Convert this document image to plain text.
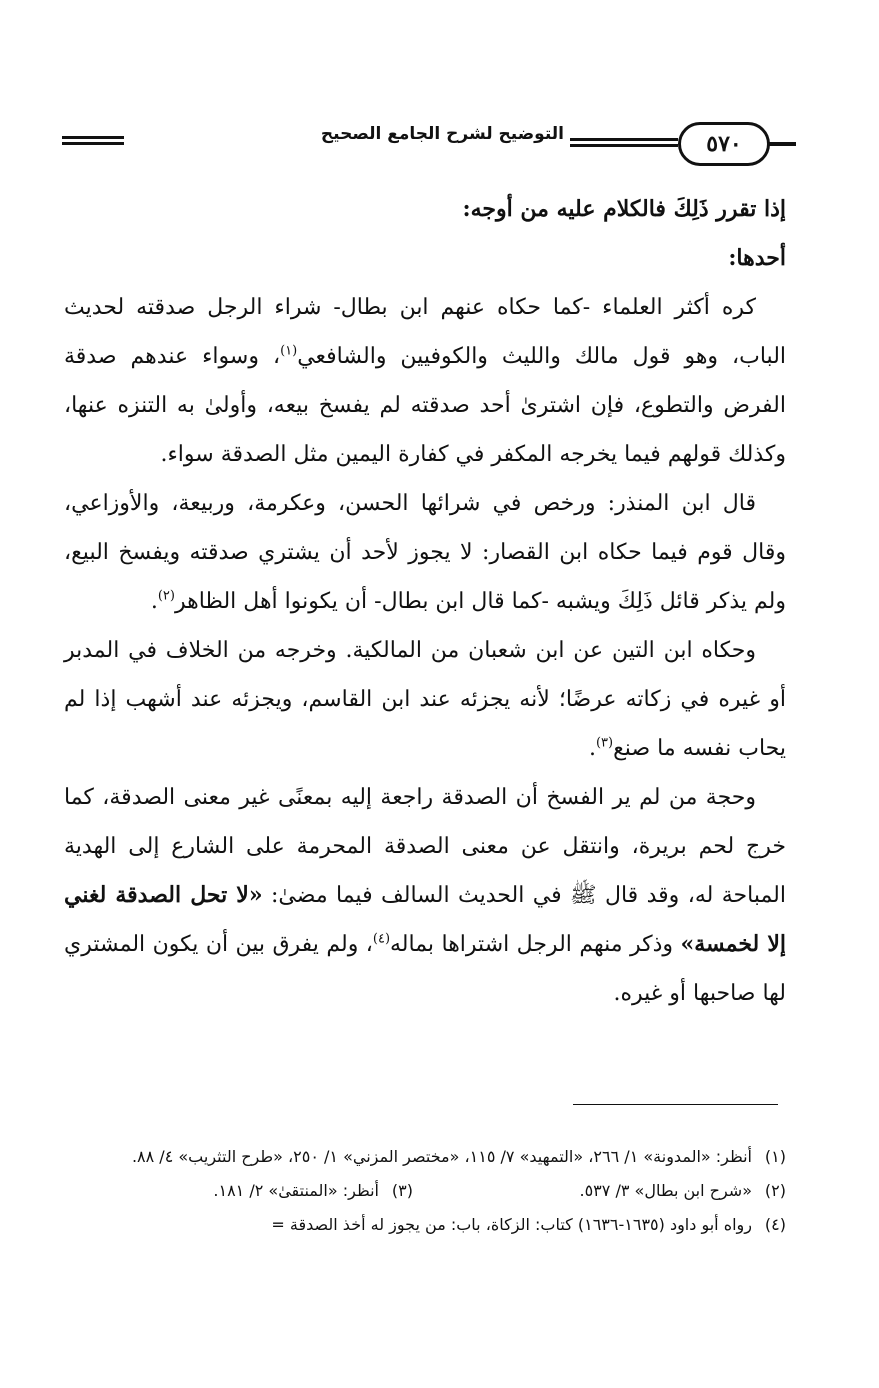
٥٧٠
التوضيح لشرح الجامع الصحيح

إذا تقرر ذَلِكَ فالكلام عليه من أوجه:

أحدها:

كره أكثر العلماء -كما حكاه عنهم ابن بطال- شراء الرجل صدقته لحديث الباب، وهو قول مالك والليث والكوفيين والشافعي$^{(١)}$، وسواء عندهم صدقة الفرض والتطوع، فإن اشترىٰ أحد صدقته لم يفسخ بيعه، وأولىٰ به التنزه عنها، وكذلك قولهم فيما يخرجه المكفر في كفارة اليمين مثل الصدقة سواء.

قال ابن المنذر: ورخص في شرائها الحسن، وعكرمة، وربيعة، والأوزاعي، وقال قوم فيما حكاه ابن القصار: لا يجوز لأحد أن يشتري صدقته ويفسخ البيع، ولم يذكر قائل ذَلِكَ ويشبه -كما قال ابن بطال- أن يكونوا أهل الظاهر$^{(٢)}$.

وحكاه ابن التين عن ابن شعبان من المالكية. وخرجه من الخلاف في المدبر أو غيره في زكاته عرضًا؛ لأنه يجزئه عند ابن القاسم، ويجزئه عند أشهب إذا لم يحاب نفسه ما صنع$^{(٣)}$.

وحجة من لم ير الفسخ أن الصدقة راجعة إليه بمعنًى غير معنى الصدقة، كما خرج لحم بريرة، وانتقل عن معنى الصدقة المحرمة على الشارع إلى الهدية المباحة له، وقد قال ﷺ في الحديث السالف فيما مضىٰ: «لا تحل الصدقة لغني إلا لخمسة» وذكر منهم الرجل اشتراها بماله$^{(٤)}$، ولم يفرق بين أن يكون المشتري لها صاحبها أو غيره.

(١)
أنظر: «المدونة» ١/ ٢٦٦، «التمهيد» ٧/ ١١٥، «مختصر المزني» ١/ ٢٥٠، «طرح التثريب» ٤/ ٨٨.
(٢)
«شرح ابن بطال» ٣/ ٥٣٧.
(٣)
أنظر: «المنتقىٰ» ٢/ ١٨١.
(٤)
رواه أبو داود (١٦٣٥-١٦٣٦) كتاب: الزكاة، باب: من يجوز له أخذ الصدقة =
